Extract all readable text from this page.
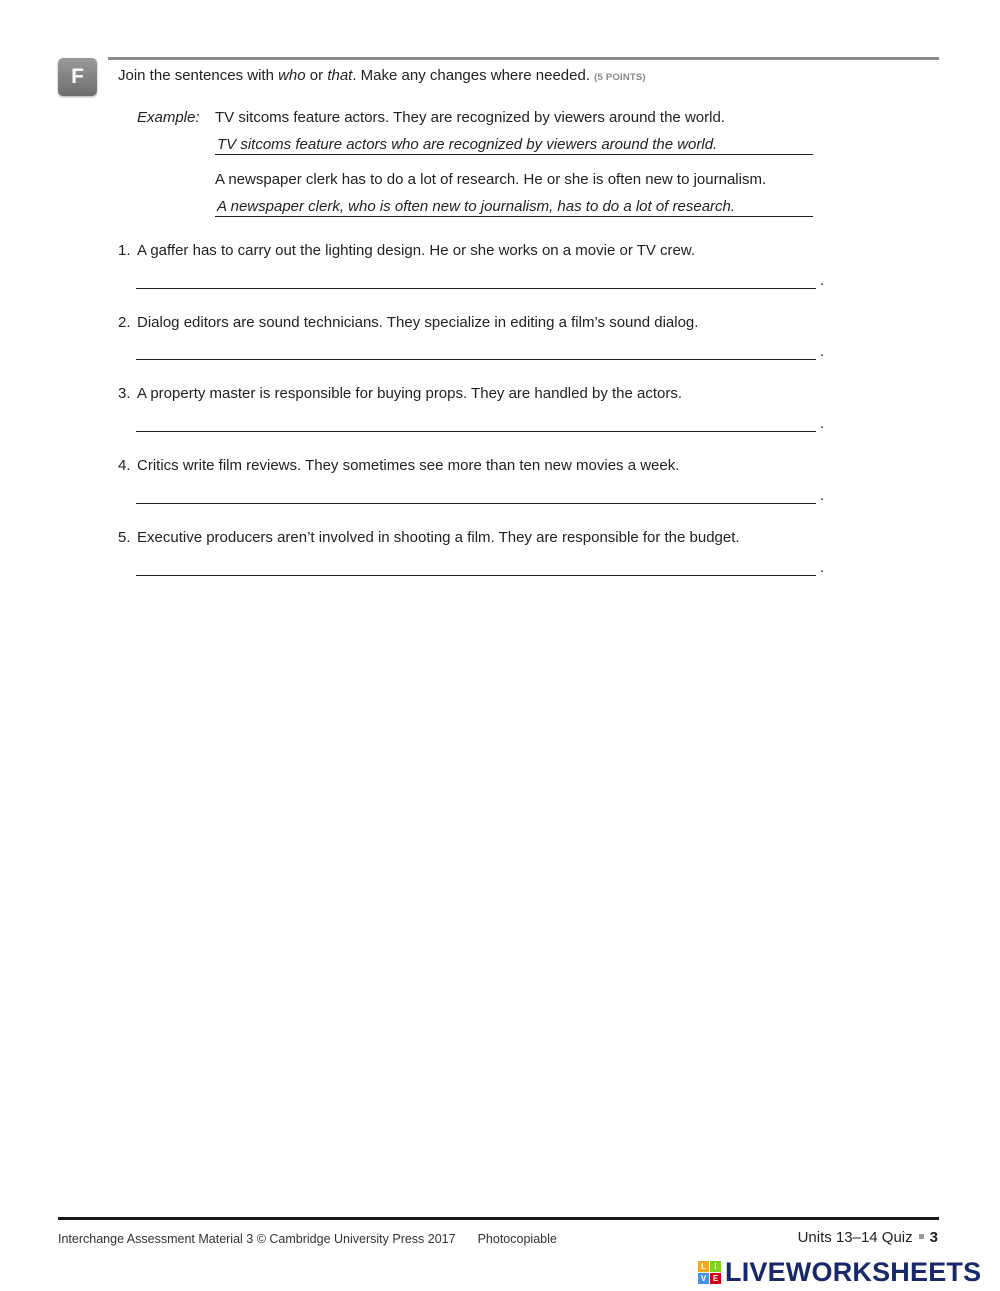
F	Join the sentences with who or that. Make any changes where needed. (5 POINTS)
Example: TV sitcoms feature actors. They are recognized by viewers around the world.
TV sitcoms feature actors who are recognized by viewers around the world.
A newspaper clerk has to do a lot of research. He or she is often new to journalism.
A newspaper clerk, who is often new to journalism, has to do a lot of research.
1. A gaffer has to carry out the lighting design. He or she works on a movie or TV crew.
.
2. Dialog editors are sound technicians. They specialize in editing a film’s sound dialog.
.
3. A property master is responsible for buying props. They are handled by the actors.
.
4. Critics write film reviews. They sometimes see more than ten new movies a week.
.
5. Executive producers aren’t involved in shooting a film. They are responsible for the budget.
.
Interchange Assessment Material 3 © Cambridge University Press 2017 Photocopiable	Units 13–14 Quiz 3
L	I
V E LIVEWORKSHEETS
